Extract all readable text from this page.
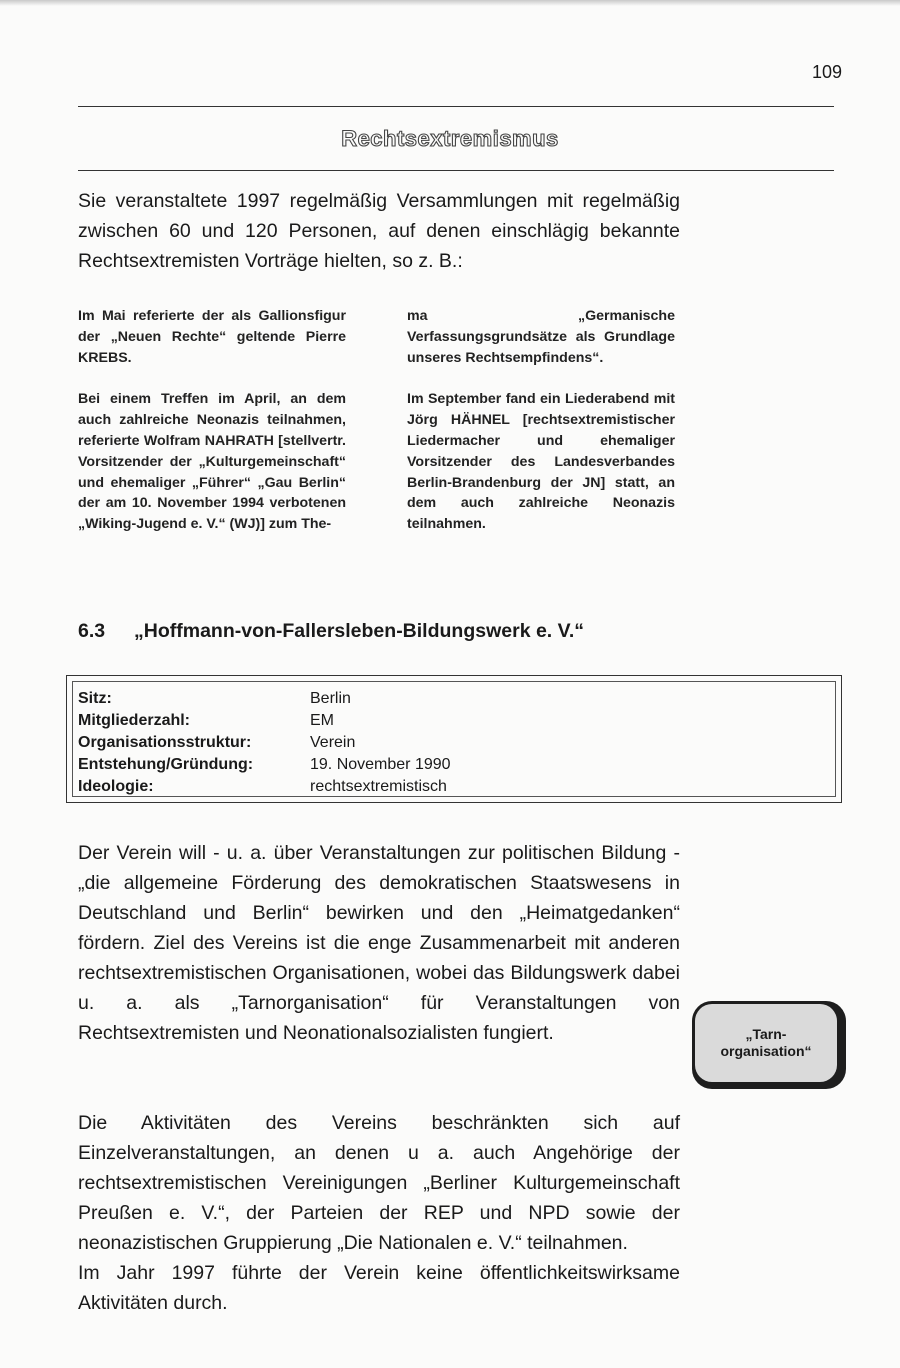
109
Rechtsextremismus
Sie veranstaltete 1997 regelmäßig Versammlungen mit regelmäßig zwischen 60 und 120 Personen, auf denen einschlägig bekannte Rechtsextremisten Vorträge hielten, so z. B.:

Im Mai referierte der als Gallionsfigur der „Neuen Rechte“ geltende Pierre KREBS.

Bei einem Treffen im April, an dem auch zahlreiche Neonazis teilnahmen, referierte Wolfram NAHRATH [stellvertr. Vorsitzender der „Kulturgemeinschaft“ und ehemaliger „Führer“ „Gau Berlin“ der am 10. November 1994 verbotenen „Wiking-Jugend e. V.“ (WJ)] zum The-

ma „Germanische Verfassungsgrundsätze als Grundlage unseres Rechtsempfindens“.

Im September fand ein Liederabend mit Jörg HÄHNEL [rechtsextremistischer Liedermacher und ehemaliger Vorsitzender des Landesverbandes Berlin-Brandenburg der JN] statt, an dem auch zahlreiche Neonazis teilnahmen.

6.3 „Hoffmann-von-Fallersleben-Bildungswerk e. V.“
Sitz:	Berlin
Mitgliederzahl:	EM
Organisationsstruktur:	Verein
Entstehung/Gründung:	19. November 1990
Ideologie:	rechtsextremistisch
Der Verein will - u. a. über Veranstaltungen zur politischen Bildung - „die allgemeine Förderung des demokratischen Staatswesens in Deutschland und Berlin“ bewirken und den „Heimatgedanken“ fördern. Ziel des Vereins ist die enge Zusammenarbeit mit anderen rechtsextremistischen Organisationen, wobei das Bildungswerk dabei u. a. als „Tarnorganisation“ für Veranstaltungen von Rechtsextremisten und Neonationalsozialisten fungiert.	„Tarn-
organisation“
Die Aktivitäten des Vereins beschränkten sich auf Einzelveranstaltungen, an denen u a. auch Angehörige der rechtsextremistischen Vereinigungen „Berliner Kulturgemeinschaft Preußen e. V.“, der Parteien der REP und NPD sowie der neonazistischen Gruppierung „Die Nationalen e. V.“ teilnahmen.
Im Jahr 1997 führte der Verein keine öffentlichkeitswirksame Aktivitäten durch.
